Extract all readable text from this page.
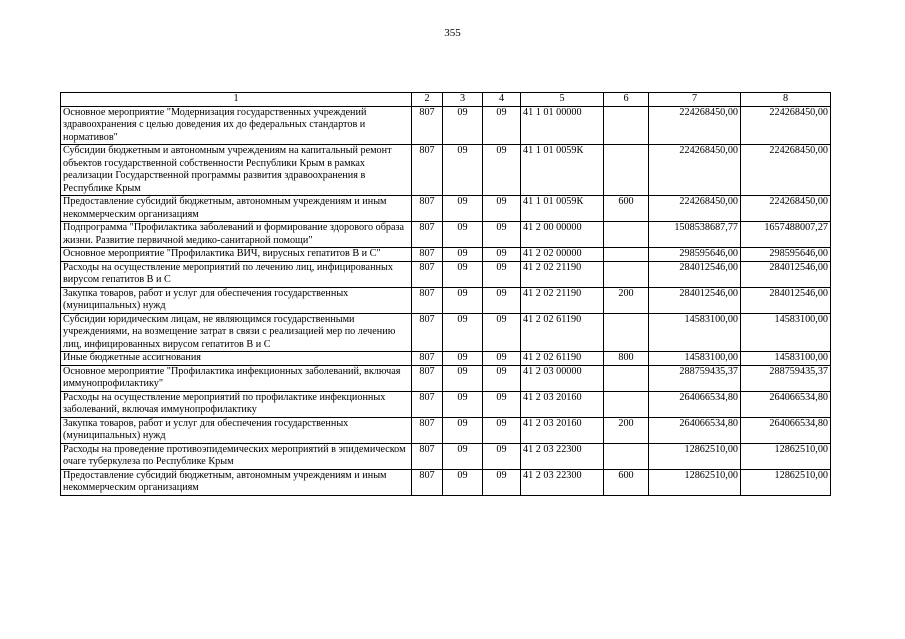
355
1	2	3	4	5	6	7	8
Основное мероприятие "Модернизация государственных учреждений здравоохранения с целью доведения их до федеральных стандартов и нормативов"	807	09	09	41 1 01 00000		224268450,00	224268450,00
Субсидии бюджетным и автономным учреждениям на капитальный ремонт объектов государственной собственности Республики Крым в рамках реализации Государственной программы развития здравоохранения в Республике Крым	807	09	09	41 1 01 0059К		224268450,00	224268450,00
Предоставление субсидий бюджетным, автономным учреждениям и иным некоммерческим организациям	807	09	09	41 1 01 0059К	600	224268450,00	224268450,00
Подпрограмма "Профилактика заболеваний и формирование здорового образа жизни. Развитие первичной медико-санитарной помощи"	807	09	09	41 2 00 00000		1508538687,77	1657488007,27
Основное мероприятие "Профилактика ВИЧ, вирусных гепатитов В и С"	807	09	09	41 2 02 00000		298595646,00	298595646,00
Расходы на осуществление мероприятий по лечению лиц, инфицированных вирусом гепатитов В и С	807	09	09	41 2 02 21190		284012546,00	284012546,00
Закупка товаров, работ и услуг для обеспечения государственных (муниципальных) нужд	807	09	09	41 2 02 21190	200	284012546,00	284012546,00
Субсидии юридическим лицам, не являющимся государственными учреждениями, на возмещение затрат в связи с реализацией мер по лечению лиц, инфицированных вирусом гепатитов В и С	807	09	09	41 2 02 61190		14583100,00	14583100,00
Иные бюджетные ассигнования	807	09	09	41 2 02 61190	800	14583100,00	14583100,00
Основное мероприятие "Профилактика инфекционных заболеваний, включая иммунопрофилактику"	807	09	09	41 2 03 00000		288759435,37	288759435,37
Расходы на осуществление мероприятий по профилактике инфекционных заболеваний, включая иммунопрофилактику	807	09	09	41 2 03 20160		264066534,80	264066534,80
Закупка товаров, работ и услуг для обеспечения государственных (муниципальных) нужд	807	09	09	41 2 03 20160	200	264066534,80	264066534,80
Расходы на проведение противоэпидемических мероприятий в эпидемическом очаге туберкулеза по Республике Крым	807	09	09	41 2 03 22300		12862510,00	12862510,00
Предоставление субсидий бюджетным, автономным учреждениям и иным некоммерческим организациям	807	09	09	41 2 03 22300	600	12862510,00	12862510,00
